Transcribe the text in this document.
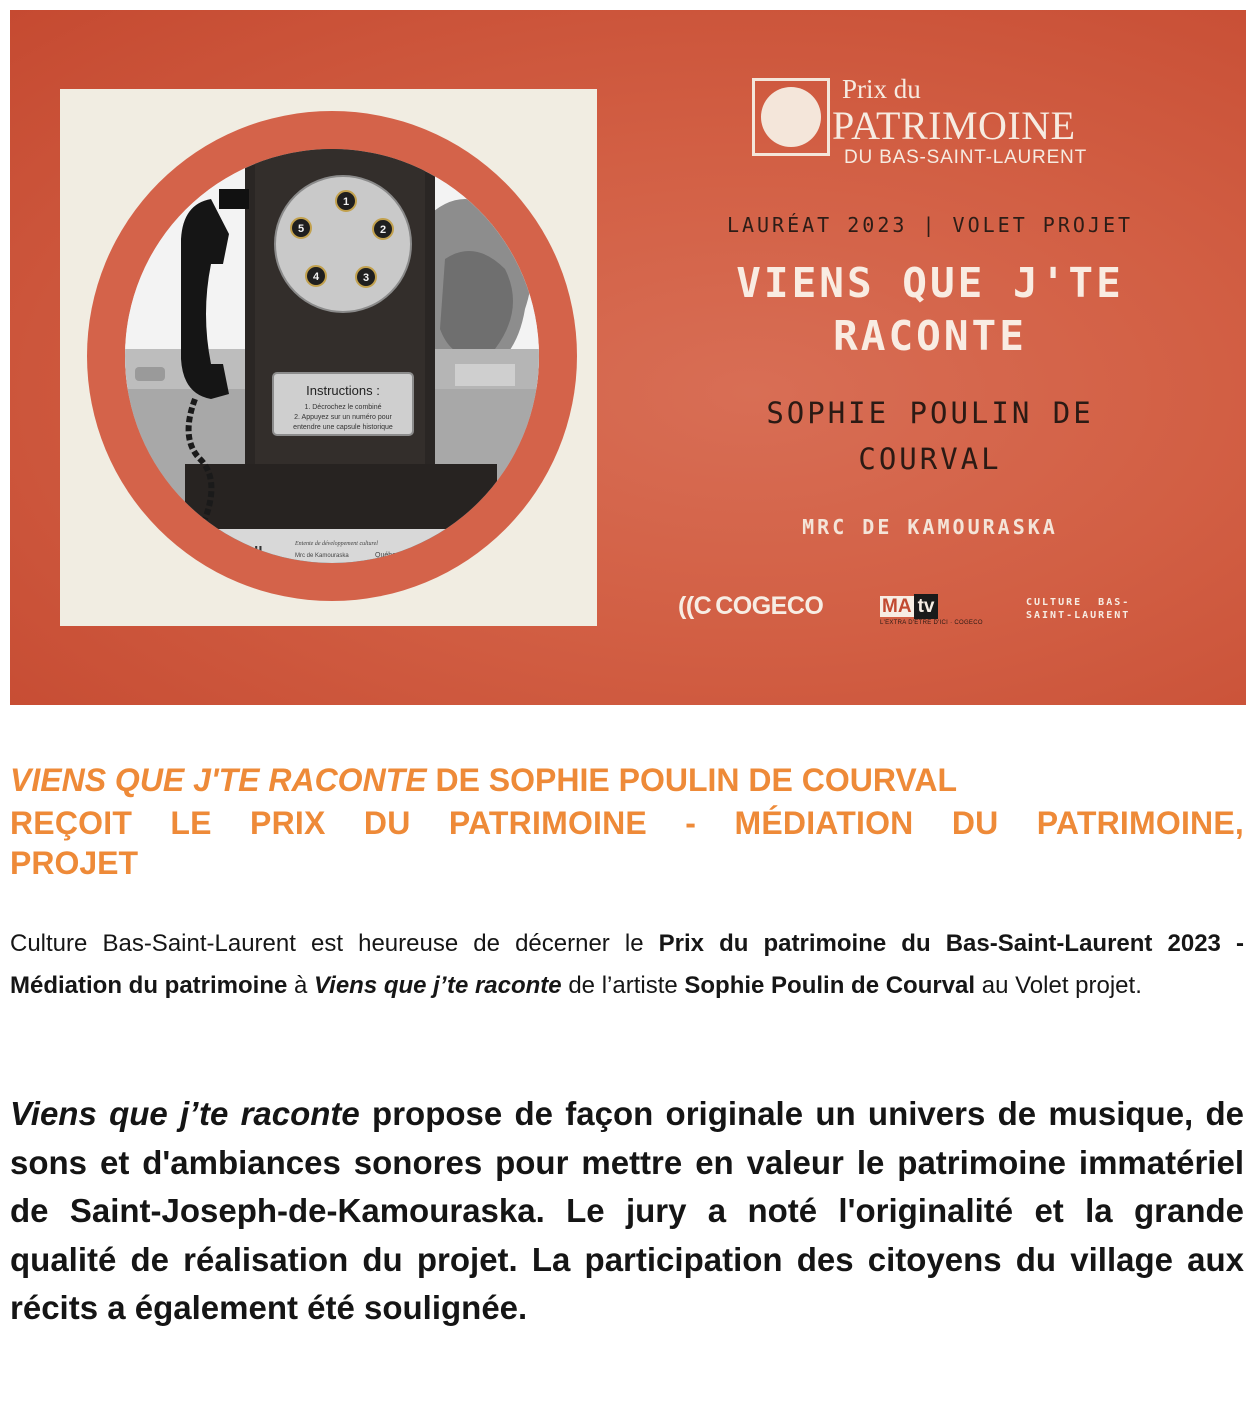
1
2
3
4
5
Instructions :
1. Décrochez le combiné
2. Appuyez sur un numéro pour
entendre une capsule historique
Bell	Entente de développement culturel
Mrc de Kamouraska	Québec
Prix du
PATRIMOINE
DU BAS-SAINT-LAURENT
LAURÉAT 2023 | VOLET PROJET
VIENS QUE J'TE
RACONTE
SOPHIE POULIN DE
COURVAL
MRC DE KAMOURASKA
((C COGECO	MA tv
L'EXTRA D'ÊTRE D'ICI · COGECO
CULTURE  BAS-
SAINT-LAURENT
VIENS QUE J'TE RACONTE DE SOPHIE POULIN DE COURVAL
REÇOIT LE PRIX DU PATRIMOINE - MÉDIATION DU PATRIMOINE,
PROJET
Culture Bas-Saint-Laurent est heureuse de décerner le Prix du patrimoine du Bas-Saint-Laurent 2023 - Médiation du patrimoine à Viens que j’te raconte de l’artiste Sophie Poulin de Courval au Volet projet.
Viens que j’te raconte propose de façon originale un univers de musique, de sons et d'ambiances sonores pour mettre en valeur le patrimoine immatériel de Saint-Joseph-de-Kamouraska. Le jury a noté l'originalité et la grande qualité de réalisation du projet. La participation des citoyens du village aux récits a également été soulignée.
